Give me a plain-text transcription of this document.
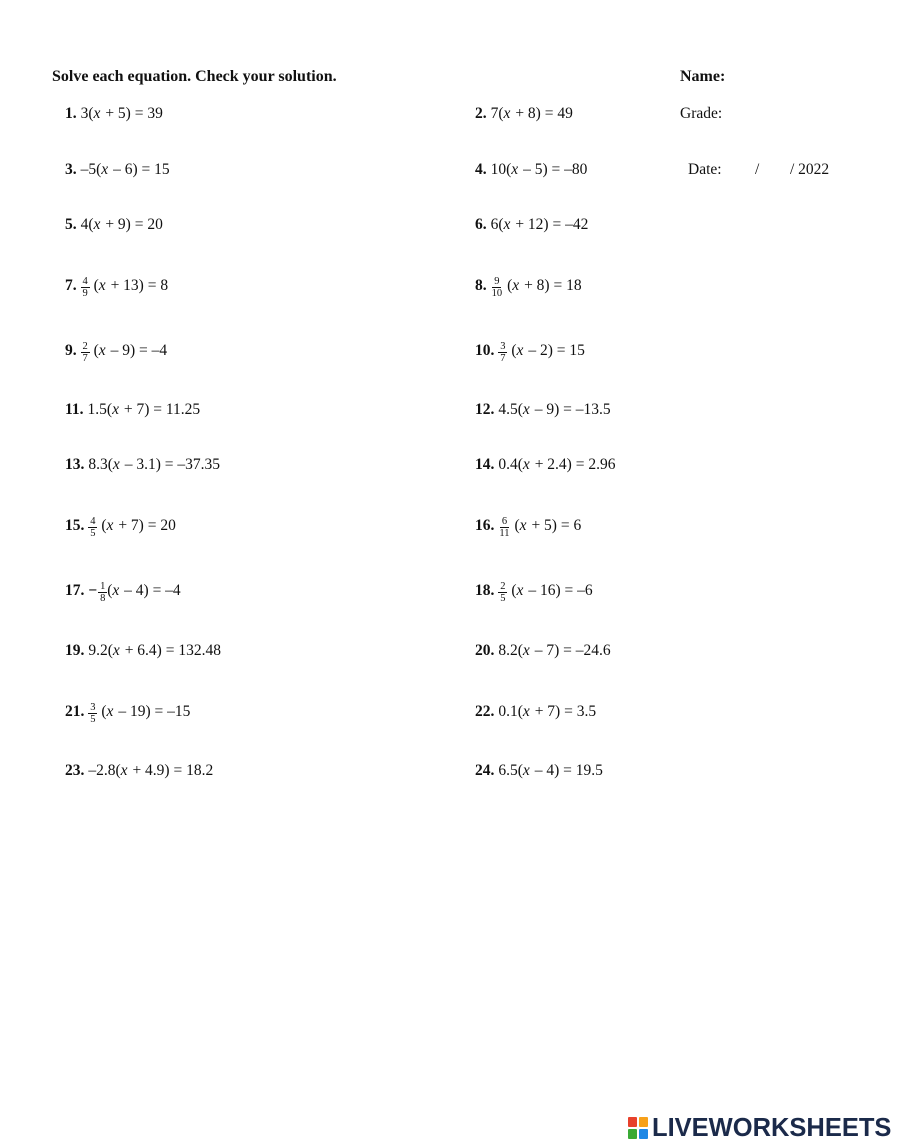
Solve each equation. Check your solution.	Name:
Grade:
Date: / / 2022
1. 3( x + 5) = 39	2. 7( x + 8) = 49
3. –5( x – 6) = 15	4. 10( x – 5) = –80
5. 4( x + 9) = 20	6. 6( x + 12) = –42
7. $\frac{4}{9}$ ( x + 13) = 8	8. $\frac{9}{10}$ ( x + 8) = 18
9. $\frac{2}{7}$ ( x – 9) = –4	10. $\frac{3}{7}$ ( x – 2) = 15
11. 1.5( x + 7) = 11.25	12. 4.5( x – 9) = –13.5
13. 8.3( x – 3.1) = –37.35	14. 0.4( x + 2.4) = 2.96
15. $\frac{4}{5}$ ( x + 7) = 20	16. $\frac{6}{11}$ ( x + 5) = 6
17. − $\frac{1}{8}$ ( x – 4) = –4	18. $\frac{2}{5}$ ( x – 16) = –6
19. 9.2( x + 6.4) = 132.48	20. 8.2( x – 7) = –24.6
21. $\frac{3}{5}$ ( x – 19) = –15	22. 0.1( x + 7) = 3.5
23. –2.8( x + 4.9) = 18.2	24. 6.5( x – 4) = 19.5
LIVEWORKSHEETS
